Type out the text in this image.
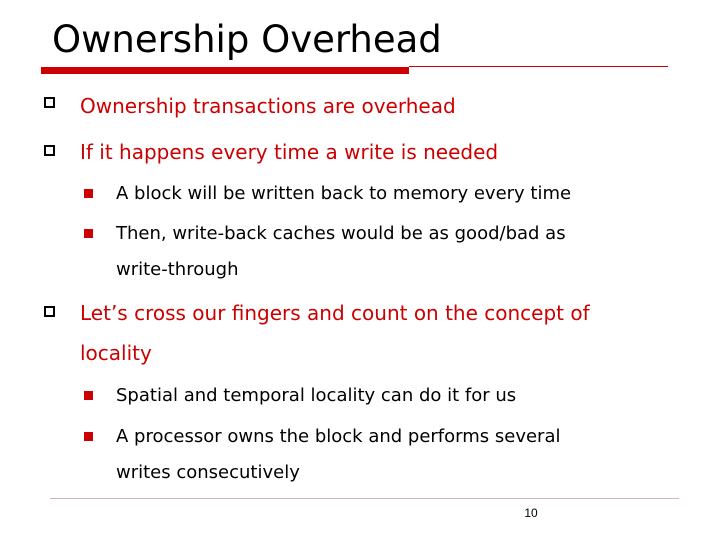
Ownership Overhead
Ownership transactions are overhead
If it happens every time a write is needed
A block will be written back to memory every time
Then, write-back caches would be as good/bad as
write-through
Let’s cross our fingers and count on the concept of
locality
Spatial and temporal locality can do it for us
A processor owns the block and performs several
writes consecutively
10
